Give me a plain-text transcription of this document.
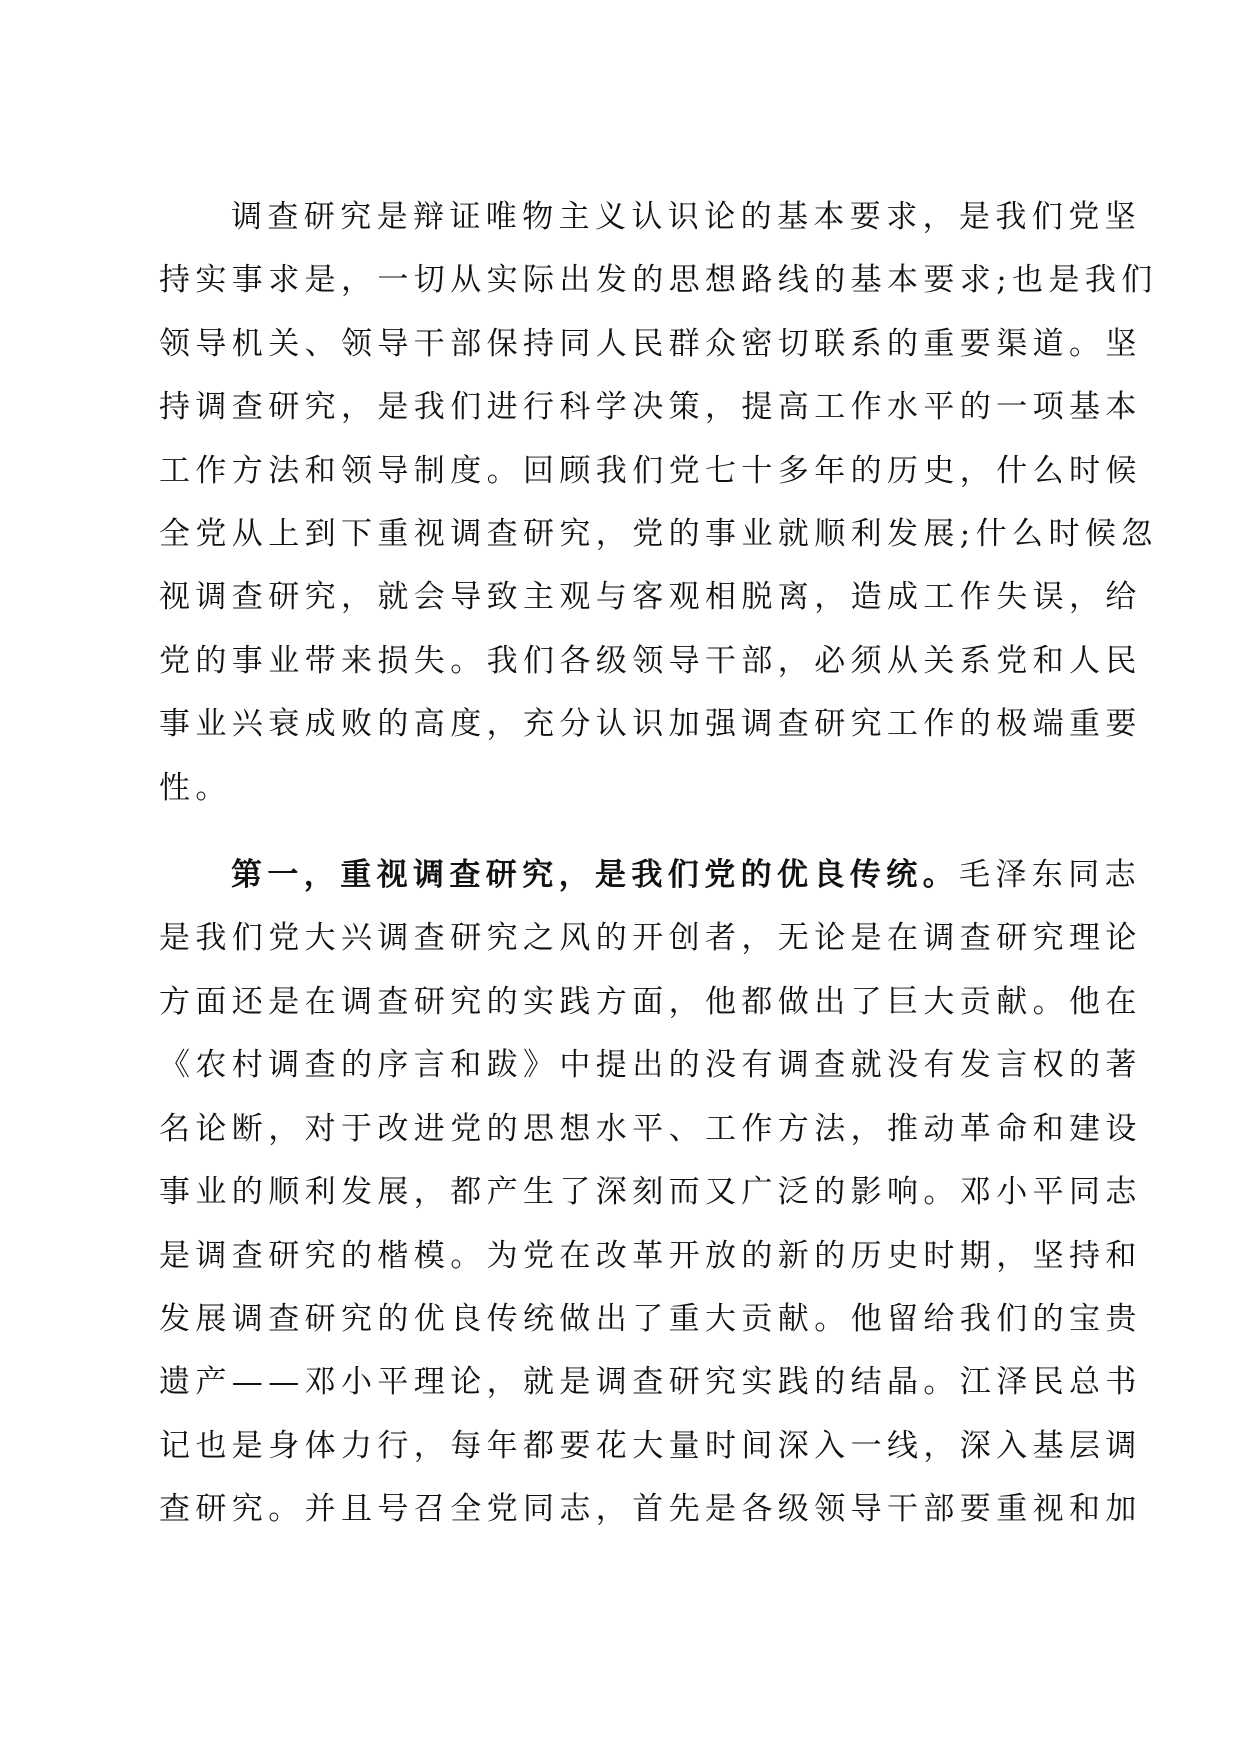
调查研究是辩证唯物主义认识论的基本要求，是我们党坚
持实事求是，一切从实际出发的思想路线的基本要求;也是我们
领导机关、领导干部保持同人民群众密切联系的重要渠道。坚
持调查研究，是我们进行科学决策，提高工作水平的一项基本
工作方法和领导制度。回顾我们党七十多年的历史，什么时候
全党从上到下重视调查研究，党的事业就顺利发展;什么时候忽
视调查研究，就会导致主观与客观相脱离，造成工作失误，给
党的事业带来损失。我们各级领导干部，必须从关系党和人民
事业兴衰成败的高度，充分认识加强调查研究工作的极端重要
性。

第一，重视调查研究，是我们党的优良传统。毛泽东同志
是我们党大兴调查研究之风的开创者，无论是在调查研究理论
方面还是在调查研究的实践方面，他都做出了巨大贡献。他在
《农村调查的序言和跋》中提出的没有调查就没有发言权的著
名论断，对于改进党的思想水平、工作方法，推动革命和建设
事业的顺利发展，都产生了深刻而又广泛的影响。邓小平同志
是调查研究的楷模。为党在改革开放的新的历史时期，坚持和
发展调查研究的优良传统做出了重大贡献。他留给我们的宝贵
遗产——邓小平理论，就是调查研究实践的结晶。江泽民总书
记也是身体力行，每年都要花大量时间深入一线，深入基层调
查研究。并且号召全党同志，首先是各级领导干部要重视和加
